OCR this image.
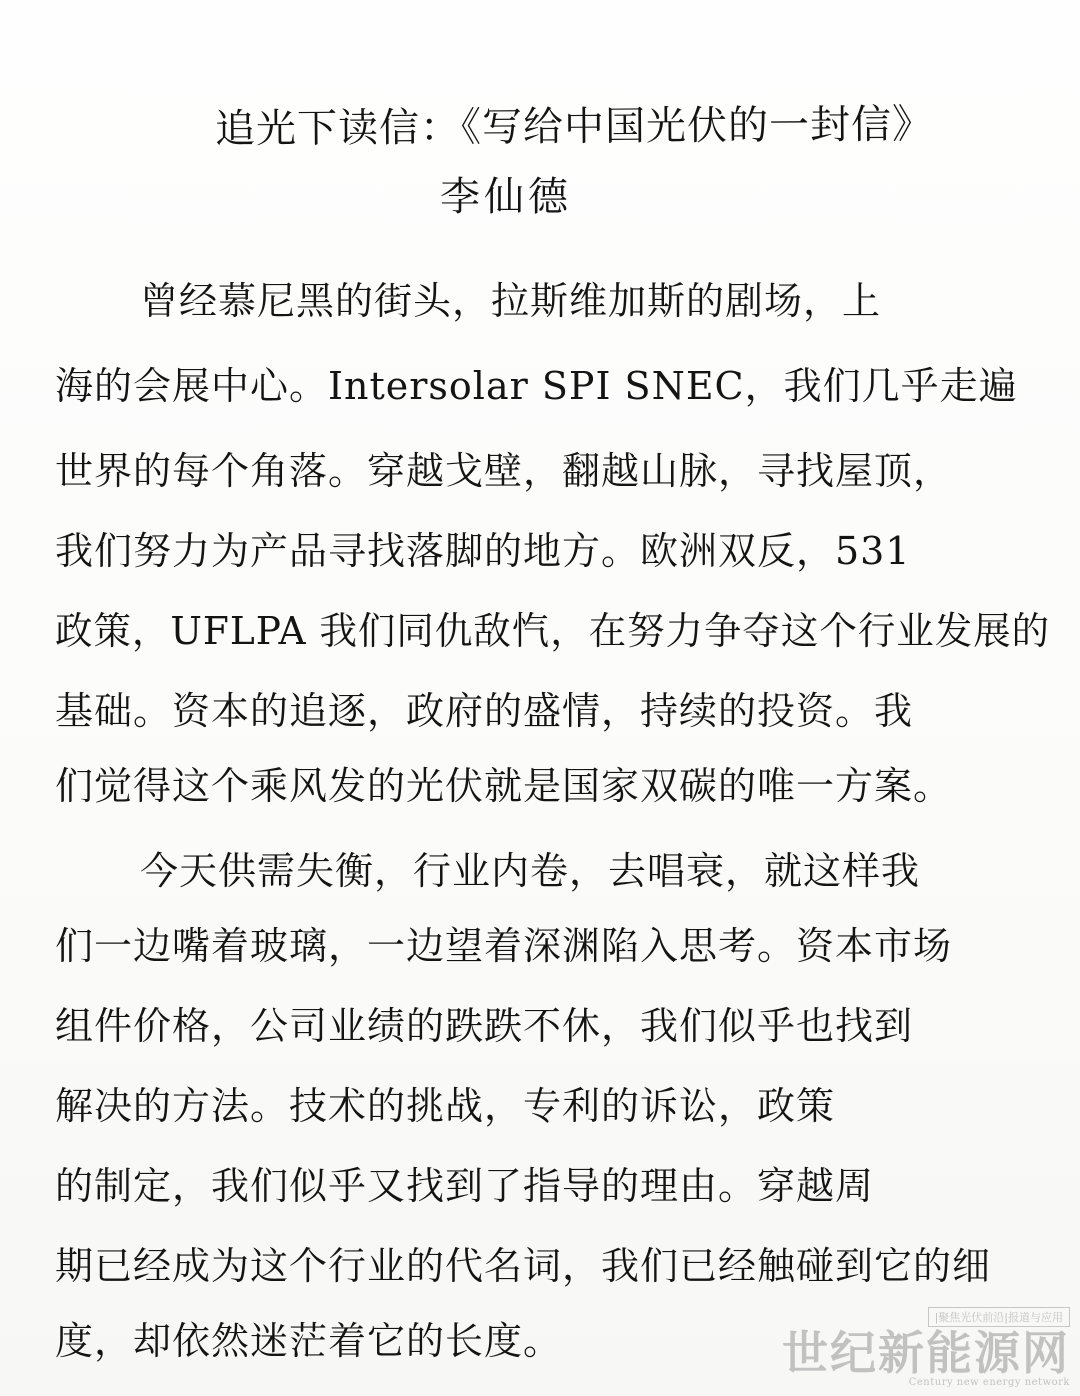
追光下读信：《写给中国光伏的一封信》
李仙德
曾经慕尼黑的街头，拉斯维加斯的剧场，上
海的会展中心。Intersolar SPI SNEC，我们几乎走遍
世界的每个角落。穿越戈壁，翻越山脉，寻找屋顶，
我们努力为产品寻找落脚的地方。欧洲双反，531
政策，UFLPA 我们同仇敌忾，在努力争夺这个行业发展的
基础。资本的追逐，政府的盛情，持续的投资。我
们觉得这个乘风发的光伏就是国家双碳的唯一方案。
今天供需失衡，行业内卷，去唱衰，就这样我
们一边嘴着玻璃，一边望着深渊陷入思考。资本市场
组件价格，公司业绩的跌跌不休，我们似乎也找到
解决的方法。技术的挑战，专利的诉讼，政策
的制定，我们似乎又找到了指导的理由。穿越周
期已经成为这个行业的代名词，我们已经触碰到它的细
度，却依然迷茫着它的长度。
|聚焦光伏前沿|报道与应用
世纪新能源网
Century new energy network
